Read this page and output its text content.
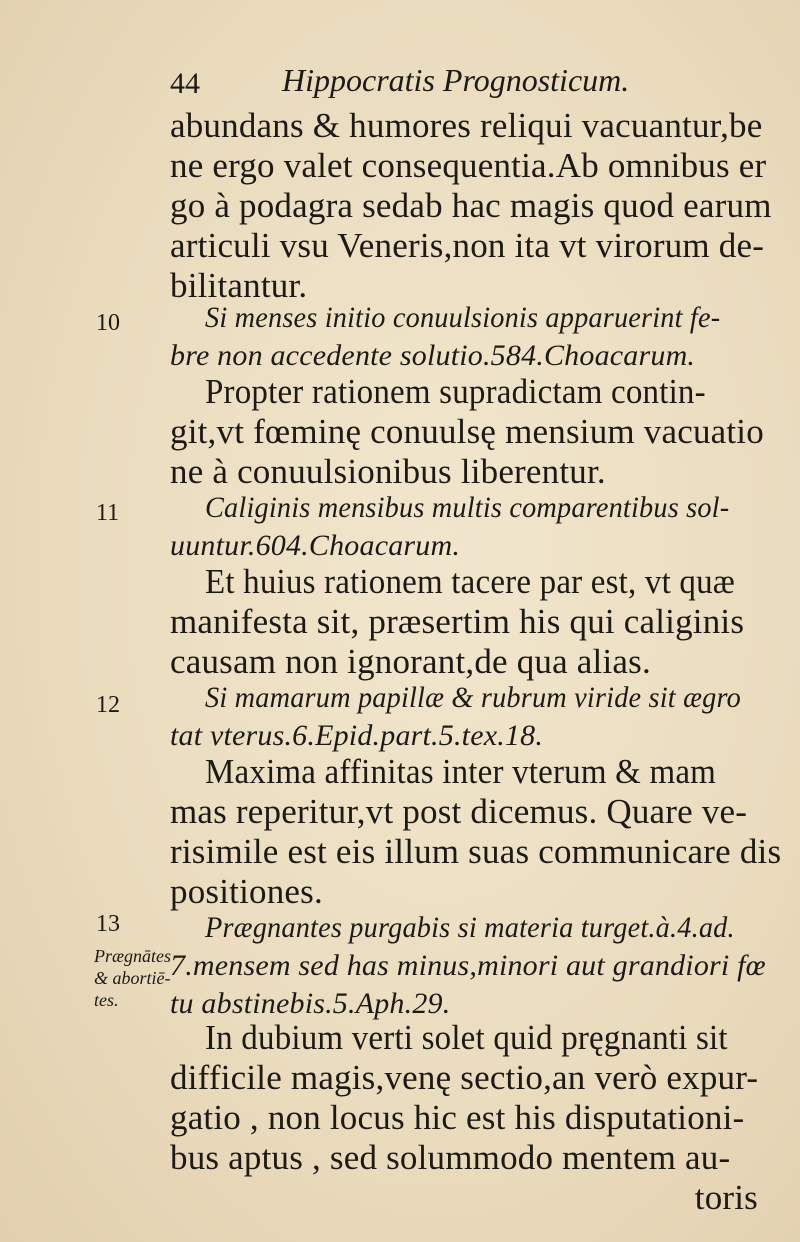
44	Hippocratis Prognosticum.
10
11
12
13
Prægnātes
& abortiē-
tes.
abundans & humores reliqui vacuantur,be
ne ergo valet consequentia.Ab omnibus er
go à podagra sedab hac magis quod earum
articuli vsu Veneris,non ita vt virorum de-
bilitantur.
Si menses initio conuulsionis apparuerint fe-
bre non accedente solutio.584.Choacarum.
Propter rationem supradictam contin-
git,vt fœminę conuulsę mensium vacuatio
ne à conuulsionibus liberentur.
Caliginis mensibus multis comparentibus sol-
uuntur.604.Choacarum.
Et huius rationem tacere par est, vt quæ
manifesta sit, præsertim his qui caliginis
causam non ignorant,de qua alias.
Si mamarum papillæ & rubrum viride sit ægro
tat vterus.6.Epid.part.5.tex.18.
Maxima affinitas inter vterum & mam
mas reperitur,vt post dicemus. Quare ve-
risimile est eis illum suas communicare dis
positiones.
Prægnantes purgabis si materia turget.à.4.ad.
7.mensem sed has minus,minori aut grandiori fœ
tu abstinebis.5.Aph.29.
In dubium verti solet quid pręgnanti sit
difficile magis,venę sectio,an verò expur-
gatio , non locus hic est his disputationi-
bus aptus , sed solummodo mentem au-
toris
